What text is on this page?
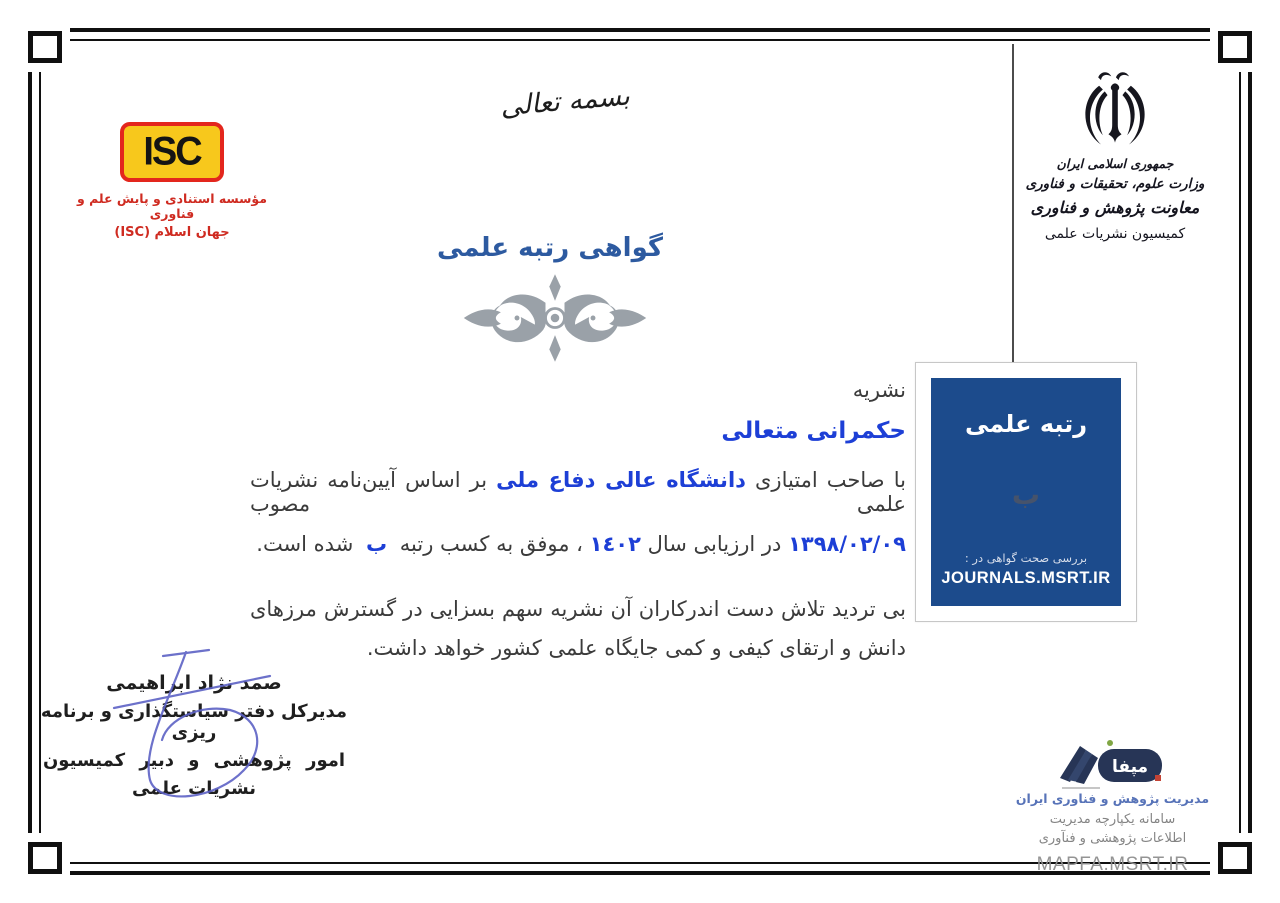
ISC
مؤسسه استنادی و پایش علم و فناوری
جهان اسلام (ISC)
بسمه تعالی
جمهوری اسلامی ایران
وزارت علوم، تحقیقات و فناوری
معاونت پژوهش و فناوری
کمیسیون نشریات علمی
گواهی رتبه علمی
نشریه
حکمرانی متعالی
با صاحب امتیازی دانشگاه عالی دفاع ملی بر اساس آیین‌نامه نشریات علمی مصوب
١٣٩٨/٠٢/٠٩ در ارزیابی سال ١٤٠٢ ، موفق به کسب رتبه ب شده است.
بی تردید تلاش دست اندرکاران آن نشریه سهم بسزایی در گسترش مرزهای دانش و ارتقای کیفی و کمی جایگاه علمی کشور خواهد داشت.
رتبه علمی
ب
بررسی صحت گواهی در :
JOURNALS.MSRT.IR
صمد نژاد ابراهیمی
مدیرکل دفتر سیاستگذاری و برنامه ریزی
امور پژوهشی و دبیر کمیسیون
نشریات علمی
مپفا
مدیریت پژوهش و فناوری ایران
سامانه یکپارچه مدیریت
اطلاعات پژوهشی و فنآوری
MAPFA.MSRT.IR
